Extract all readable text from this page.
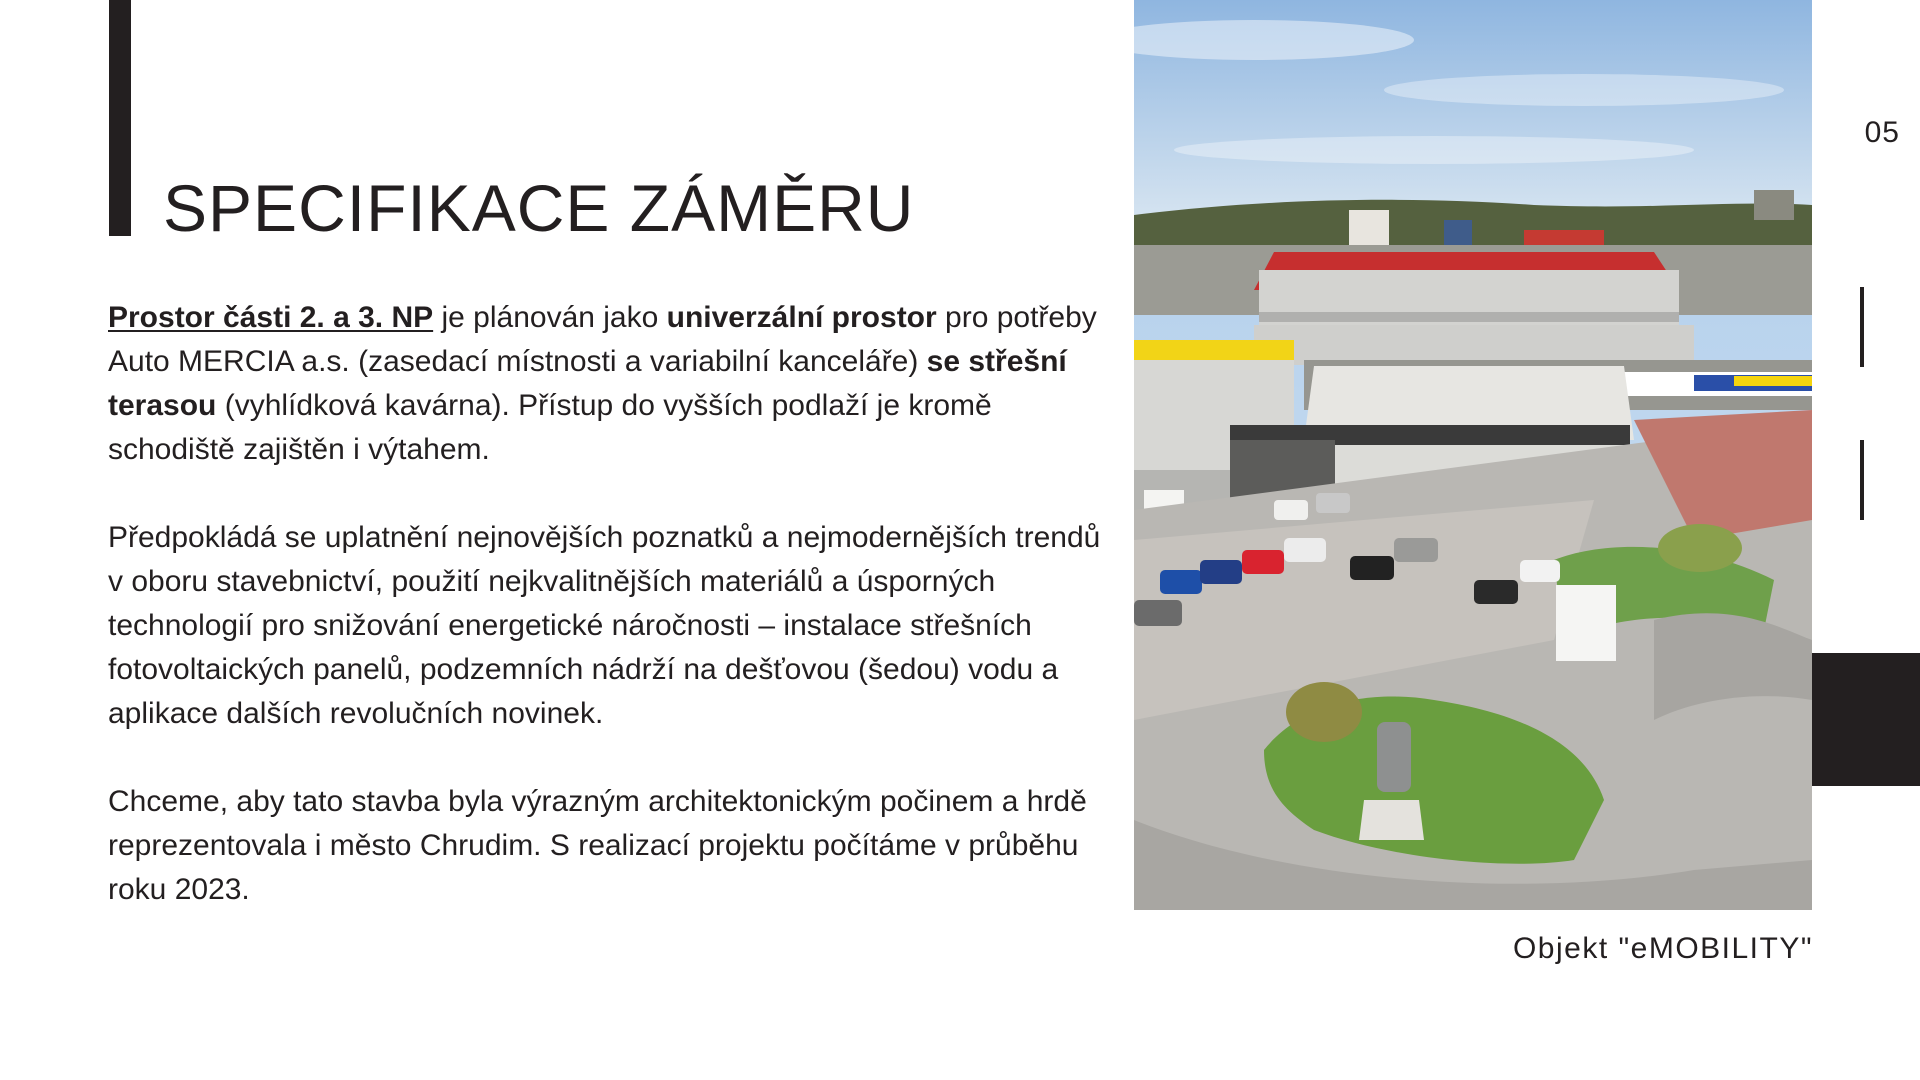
SPECIFIKACE ZÁMĚRU

Prostor části 2. a 3. NP je plánován jako univerzální prostor pro potřeby Auto MERCIA a.s. (zasedací místnosti a variabilní kanceláře) se střešní terasou (vyhlídková kavárna). Přístup do vyšších podlaží je kromě schodiště zajištěn i výtahem.

Předpokládá se uplatnění nejnovějších poznatků a nejmodernějších trendů v oboru stavebnictví, použití nejkvalitnějších materiálů a úsporných technologií pro snižování energetické náročnosti – instalace střešních fotovoltaických panelů, podzemních nádrží na dešťovou (šedou) vodu a aplikace dalších revolučních novinek.

Chceme, aby tato stavba byla výrazným architektonickým počinem a hrdě reprezentovala i město Chrudim. S realizací projektu počítáme v průběhu roku 2023.

Objekt "eMOBILITY"
05
